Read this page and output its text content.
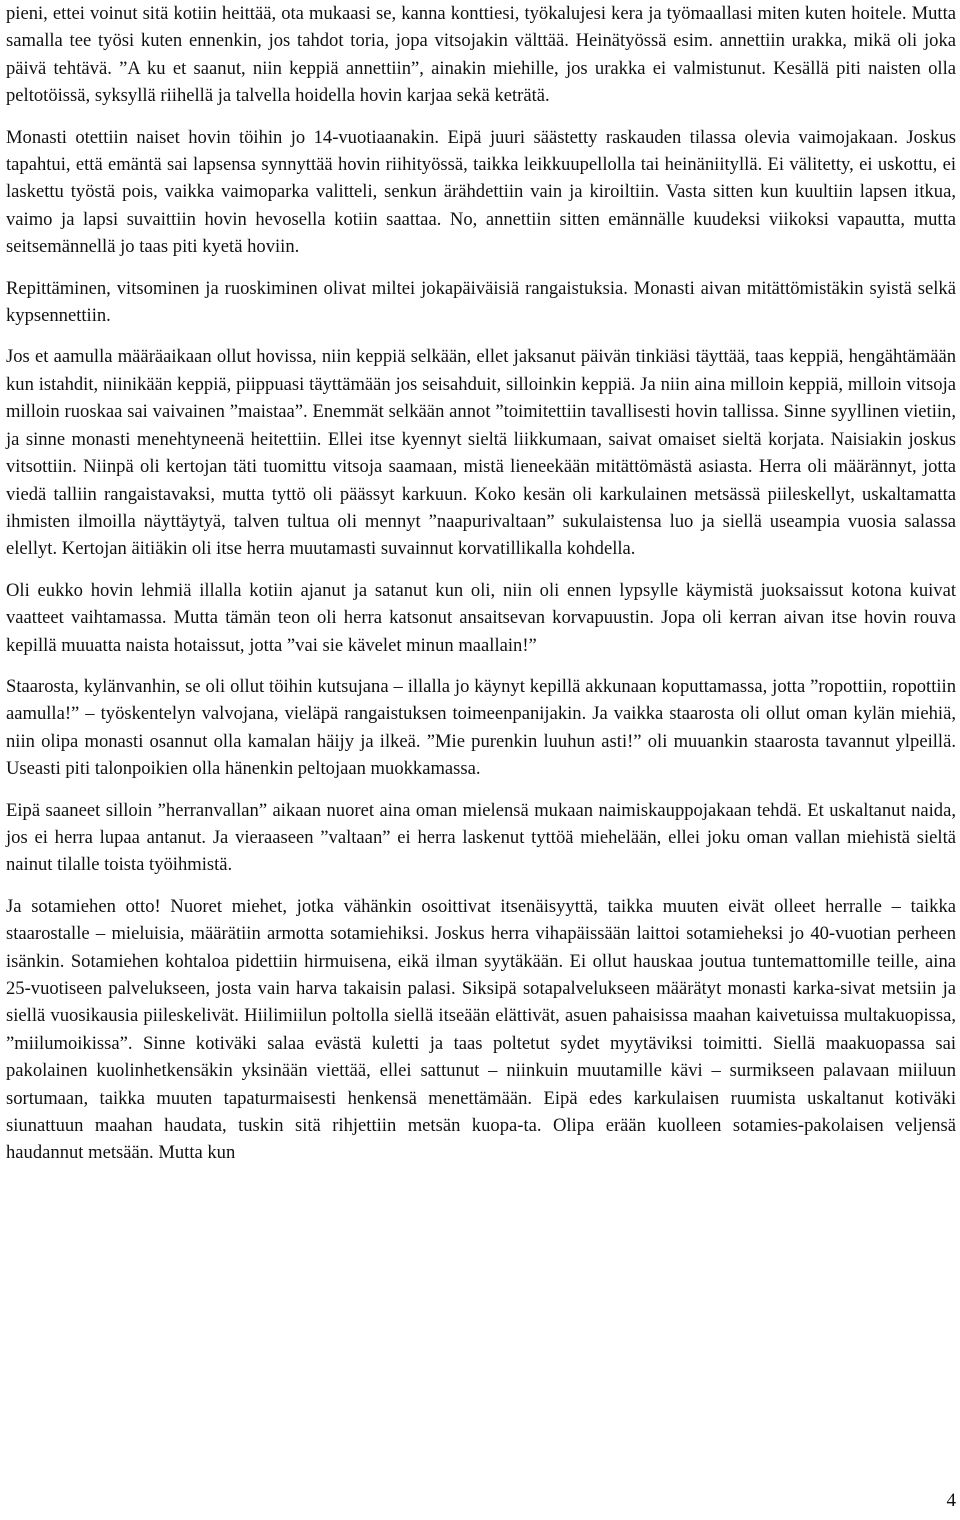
pieni, ettei voinut sitä kotiin heittää, ota mukaasi se, kanna konttiesi, työkalujesi kera ja työmaallasi miten kuten hoitele. Mutta samalla tee työsi kuten ennenkin, jos tahdot toria, jopa vitsojakin välttää. Heinätyössä esim. annettiin urakka, mikä oli joka päivä tehtävä. ”A ku et saanut, niin keppiä annettiin”, ainakin miehille, jos urakka ei valmistunut. Kesällä piti naisten olla peltotöissä, syksyllä riihellä ja talvella hoidella hovin karjaa sekä keträtä.

Monasti otettiin naiset hovin töihin jo 14-vuotiaanakin. Eipä juuri säästetty raskauden tilassa olevia vaimojakaan. Joskus tapahtui, että emäntä sai lapsensa synnyttää hovin riihityössä, taikka leikkuupellolla tai heinäniityllä. Ei välitetty, ei uskottu, ei laskettu työstä pois, vaikka vaimoparka valitteli, senkun ärähdettiin vain ja kiroiltiin. Vasta sitten kun kuultiin lapsen itkua, vaimo ja lapsi suvaittiin hovin hevosella kotiin saattaa. No, annettiin sitten emännälle kuudeksi viikoksi vapautta, mutta seitsemännellä jo taas piti kyetä hoviin.

Repittäminen, vitsominen ja ruoskiminen olivat miltei jokapäiväisiä rangaistuksia. Monasti aivan mitättömistäkin syistä selkä kypsennettiin.

Jos et aamulla määräaikaan ollut hovissa, niin keppiä selkään, ellet jaksanut päivän tinkiäsi täyttää, taas keppiä, hengähtämään kun istahdit, niinikään keppiä, piippuasi täyttämään jos seisahduit, silloinkin keppiä. Ja niin aina milloin keppiä, milloin vitsoja milloin ruoskaa sai vaivainen ”maistaa”. Enemmät selkään annot ”toimitettiin tavallisesti hovin tallissa. Sinne syyllinen vietiin, ja sinne monasti menehtyneenä heitettiin. Ellei itse kyennyt sieltä liikkumaan, saivat omaiset sieltä korjata. Naisiakin joskus vitsottiin. Niinpä oli kertojan täti tuomittu vitsoja saamaan, mistä lieneekään mitättömästä asiasta. Herra oli määrännyt, jotta viedä talliin rangaistavaksi, mutta tyttö oli päässyt karkuun. Koko kesän oli karkulainen metsässä piileskellyt, uskaltamatta ihmisten ilmoilla näyttäytyä, talven tultua oli mennyt ”naapurivaltaan” sukulaistensa luo ja siellä useampia vuosia salassa elellyt. Kertojan äitiäkin oli itse herra muutamasti suvainnut korvatillikalla kohdella.

Oli eukko hovin lehmiä illalla kotiin ajanut ja satanut kun oli, niin oli ennen lypsylle käymistä juoksaissut kotona kuivat vaatteet vaihtamassa. Mutta tämän teon oli herra katsonut ansaitsevan korvapuustin. Jopa oli kerran aivan itse hovin rouva kepillä muuatta naista hotaissut, jotta ”vai sie kävelet minun maallain!”

Staarosta, kylänvanhin, se oli ollut töihin kutsujana – illalla jo käynyt kepillä akkunaan koputtamassa, jotta ”ropottiin, ropottiin aamulla!” – työskentelyn valvojana, vieläpä rangaistuksen toimeenpanijakin. Ja vaikka staarosta oli ollut oman kylän miehiä, niin olipa monasti osannut olla kamalan häijy ja ilkeä. ”Mie purenkin luuhun asti!” oli muuankin staarosta tavannut ylpeillä. Useasti piti talonpoikien olla hänenkin peltojaan muokkamassa.

Eipä saaneet silloin ”herranvallan” aikaan nuoret aina oman mielensä mukaan naimiskauppojakaan tehdä. Et uskaltanut naida, jos ei herra lupaa antanut. Ja vieraaseen ”valtaan” ei herra laskenut tyttöä miehelään, ellei joku oman vallan miehistä sieltä nainut tilalle toista työihmistä.

Ja sotamiehen otto! Nuoret miehet, jotka vähänkin osoittivat itsenäisyyttä, taikka muuten eivät olleet herralle – taikka staarostalle – mieluisia, määrätiin armotta sotamiehiksi. Joskus herra vihapäissään laittoi sotamieheksi jo 40-vuotian perheen isänkin. Sotamiehen kohtaloa pidettiin hirmuisena, eikä ilman syytäkään. Ei ollut hauskaa joutua tuntemattomille teille, aina 25-vuotiseen palvelukseen, josta vain harva takaisin palasi. Siksipä sotapalvelukseen määrätyt monasti karka-sivat metsiin ja siellä vuosikausia piileskelivät. Hiilimiilun poltolla siellä itseään elättivät, asuen pahaisissa maahan kaivetuissa multakuopissa, ”miilumoikissa”. Sinne kotiväki salaa evästä kuletti ja taas poltetut sydet myytäviksi toimitti. Siellä maakuopassa sai pakolainen kuolinhetkensäkin yksinään viettää, ellei sattunut – niinkuin muutamille kävi – surmikseen palavaan miiluun sortumaan, taikka muuten tapaturmaisesti henkensä menettämään. Eipä edes karkulaisen ruumista uskaltanut kotiväki siunattuun maahan haudata, tuskin sitä rihjettiin metsän kuopa-ta. Olipa erään kuolleen sotamies-pakolaisen veljensä haudannut metsään. Mutta kun

4
